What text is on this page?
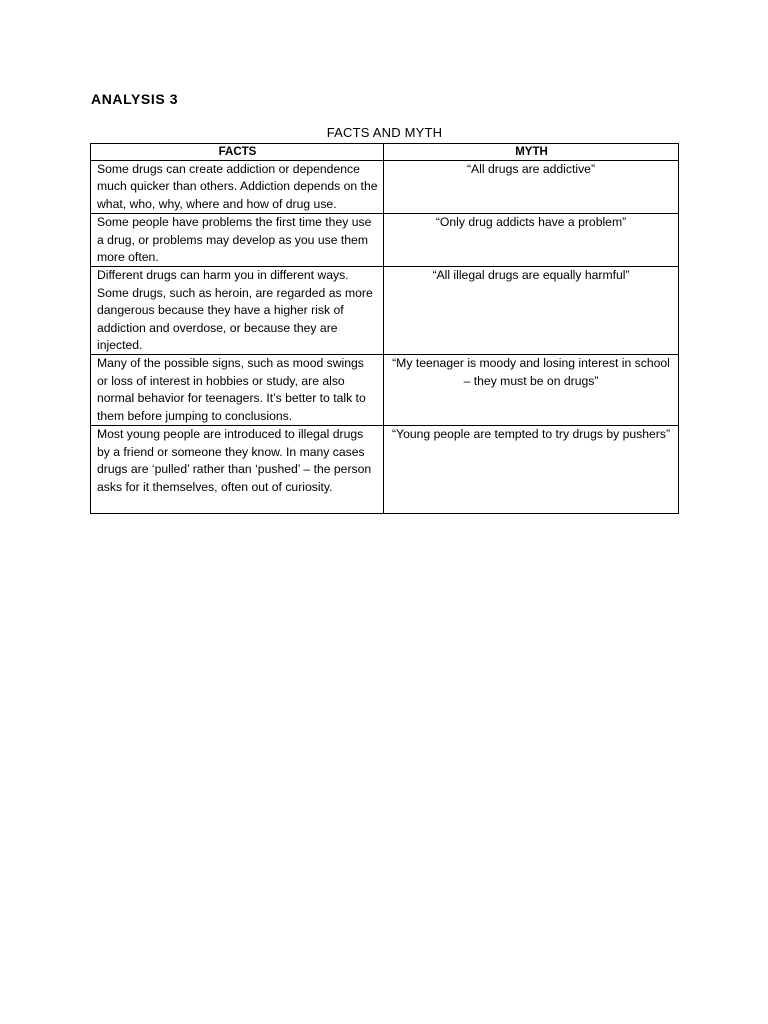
ANALYSIS 3
FACTS AND MYTH
FACTS	MYTH
Some drugs can create addiction or dependence much quicker than others. Addiction depends on the what, who, why, where and how of drug use.	“All drugs are addictive”
Some people have problems the first time they use a drug, or problems may develop as you use them more often.	“Only drug addicts have a problem”
Different drugs can harm you in different ways. Some drugs, such as heroin, are regarded as more dangerous because they have a higher risk of addiction and overdose, or because they are injected.	“All illegal drugs are equally harmful”
Many of the possible signs, such as mood swings or loss of interest in hobbies or study, are also normal behavior for teenagers. It’s better to talk to them before jumping to conclusions.	“My teenager is moody and losing interest in school – they must be on drugs”
Most young people are introduced to illegal drugs by a friend or someone they know. In many cases drugs are ‘pulled’ rather than ‘pushed’ – the person asks for it themselves, often out of curiosity.	“Young people are tempted to try drugs by pushers”
